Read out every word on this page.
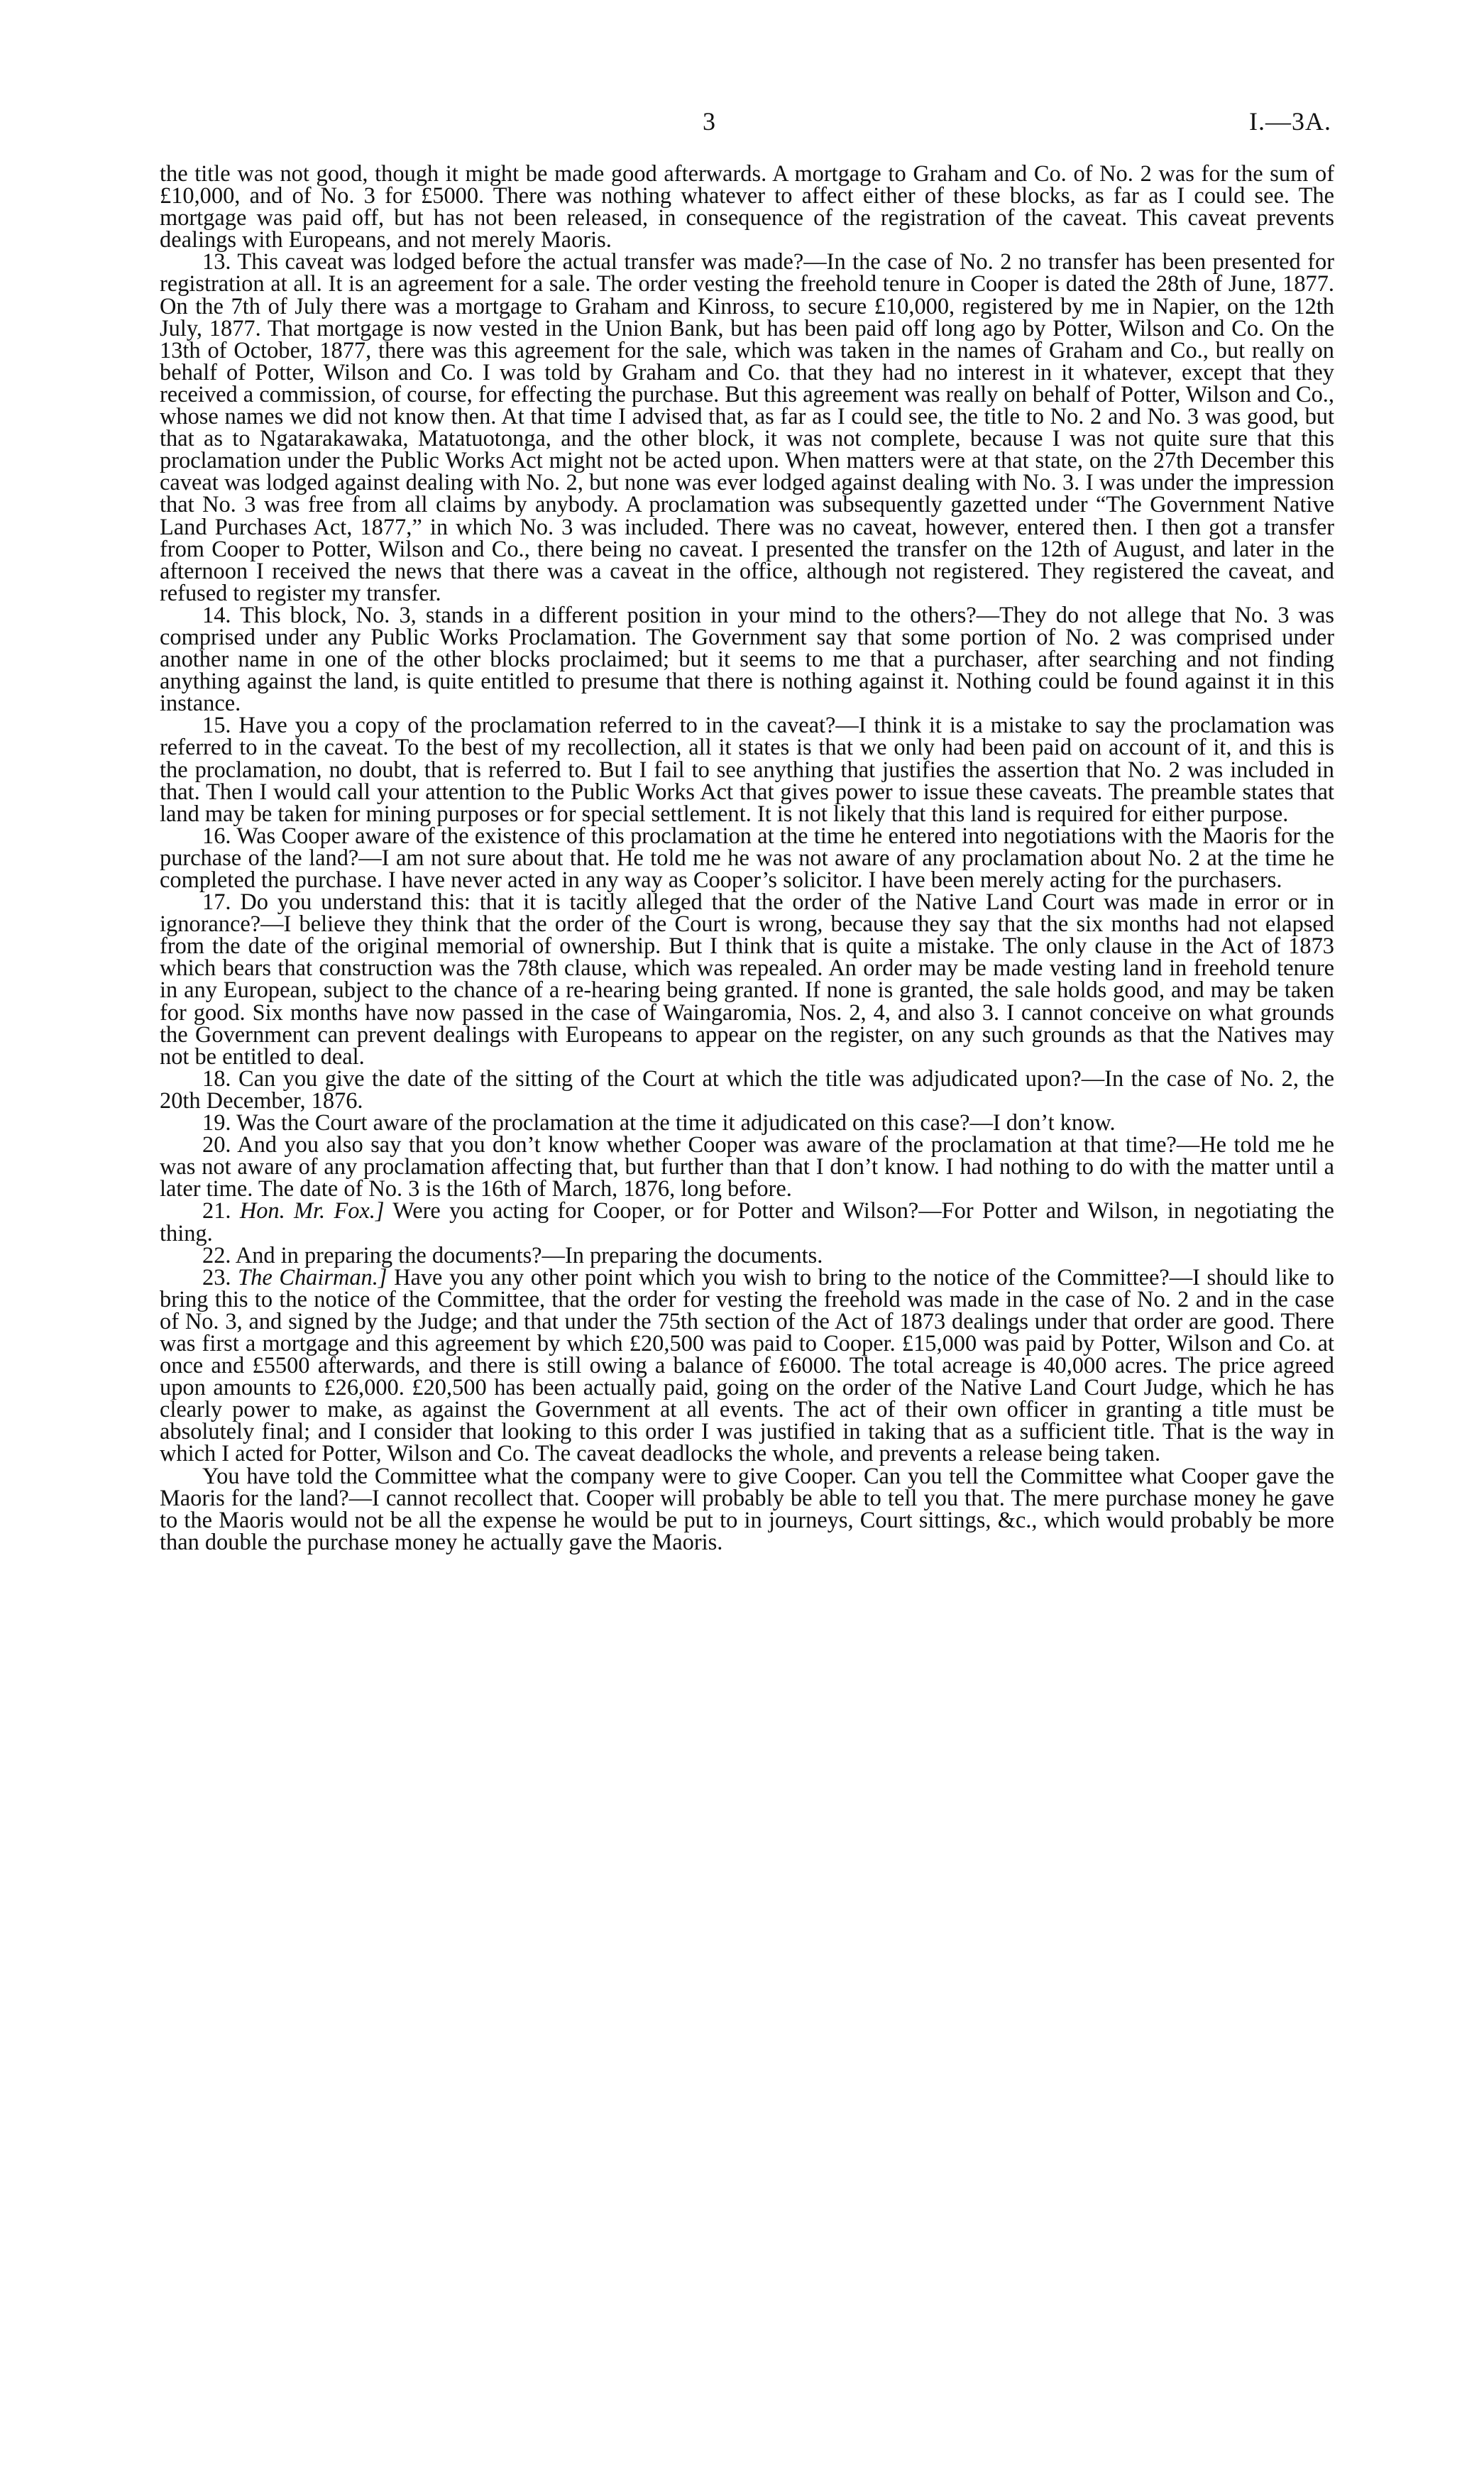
3	I.—3A.

the title was not good, though it might be made good afterwards. A mortgage to Graham and Co. of No. 2 was for the sum of £10,000, and of No. 3 for £5000. There was nothing whatever to affect either of these blocks, as far as I could see. The mortgage was paid off, but has not been released, in consequence of the registration of the caveat. This caveat prevents dealings with Europeans, and not merely Maoris.

13. This caveat was lodged before the actual transfer was made?—In the case of No. 2 no transfer has been presented for registration at all. It is an agreement for a sale. The order vesting the freehold tenure in Cooper is dated the 28th of June, 1877. On the 7th of July there was a mortgage to Graham and Kinross, to secure £10,000, registered by me in Napier, on the 12th July, 1877. That mortgage is now vested in the Union Bank, but has been paid off long ago by Potter, Wilson and Co. On the 13th of October, 1877, there was this agreement for the sale, which was taken in the names of Graham and Co., but really on behalf of Potter, Wilson and Co. I was told by Graham and Co. that they had no interest in it whatever, except that they received a commission, of course, for effecting the purchase. But this agreement was really on behalf of Potter, Wilson and Co., whose names we did not know then. At that time I advised that, as far as I could see, the title to No. 2 and No. 3 was good, but that as to Ngatarakawaka, Matatuotonga, and the other block, it was not complete, because I was not quite sure that this proclamation under the Public Works Act might not be acted upon. When matters were at that state, on the 27th December this caveat was lodged against dealing with No. 2, but none was ever lodged against dealing with No. 3. I was under the impression that No. 3 was free from all claims by anybody. A proclamation was subsequently gazetted under “The Government Native Land Purchases Act, 1877,” in which No. 3 was included. There was no caveat, however, entered then. I then got a transfer from Cooper to Potter, Wilson and Co., there being no caveat. I presented the transfer on the 12th of August, and later in the afternoon I received the news that there was a caveat in the office, although not registered. They registered the caveat, and refused to register my transfer.

14. This block, No. 3, stands in a different position in your mind to the others?—They do not allege that No. 3 was comprised under any Public Works Proclamation. The Government say that some portion of No. 2 was comprised under another name in one of the other blocks proclaimed; but it seems to me that a purchaser, after searching and not finding anything against the land, is quite entitled to presume that there is nothing against it. Nothing could be found against it in this instance.

15. Have you a copy of the proclamation referred to in the caveat?—I think it is a mistake to say the proclamation was referred to in the caveat. To the best of my recollection, all it states is that we only had been paid on account of it, and this is the proclamation, no doubt, that is referred to. But I fail to see anything that justifies the assertion that No. 2 was included in that. Then I would call your attention to the Public Works Act that gives power to issue these caveats. The preamble states that land may be taken for mining purposes or for special settlement. It is not likely that this land is required for either purpose.

16. Was Cooper aware of the existence of this proclamation at the time he entered into negotiations with the Maoris for the purchase of the land?—I am not sure about that. He told me he was not aware of any proclamation about No. 2 at the time he completed the purchase. I have never acted in any way as Cooper’s solicitor. I have been merely acting for the purchasers.

17. Do you understand this: that it is tacitly alleged that the order of the Native Land Court was made in error or in ignorance?—I believe they think that the order of the Court is wrong, because they say that the six months had not elapsed from the date of the original memorial of ownership. But I think that is quite a mistake. The only clause in the Act of 1873 which bears that construction was the 78th clause, which was repealed. An order may be made vesting land in freehold tenure in any European, subject to the chance of a re-hearing being granted. If none is granted, the sale holds good, and may be taken for good. Six months have now passed in the case of Waingaromia, Nos. 2, 4, and also 3. I cannot conceive on what grounds the Government can prevent dealings with Europeans to appear on the register, on any such grounds as that the Natives may not be entitled to deal.

18. Can you give the date of the sitting of the Court at which the title was adjudicated upon?—In the case of No. 2, the 20th December, 1876.

19. Was the Court aware of the proclamation at the time it adjudicated on this case?—I don’t know.

20. And you also say that you don’t know whether Cooper was aware of the proclamation at that time?—He told me he was not aware of any proclamation affecting that, but further than that I don’t know. I had nothing to do with the matter until a later time. The date of No. 3 is the 16th of March, 1876, long before.

21. Hon. Mr. Fox.] Were you acting for Cooper, or for Potter and Wilson?—For Potter and Wilson, in negotiating the thing.

22. And in preparing the documents?—In preparing the documents.

23. The Chairman.] Have you any other point which you wish to bring to the notice of the Committee?—I should like to bring this to the notice of the Committee, that the order for vesting the freehold was made in the case of No. 2 and in the case of No. 3, and signed by the Judge; and that under the 75th section of the Act of 1873 dealings under that order are good. There was first a mortgage and this agreement by which £20,500 was paid to Cooper. £15,000 was paid by Potter, Wilson and Co. at once and £5500 afterwards, and there is still owing a balance of £6000. The total acreage is 40,000 acres. The price agreed upon amounts to £26,000. £20,500 has been actually paid, going on the order of the Native Land Court Judge, which he has clearly power to make, as against the Government at all events. The act of their own officer in granting a title must be absolutely final; and I consider that looking to this order I was justified in taking that as a sufficient title. That is the way in which I acted for Potter, Wilson and Co. The caveat deadlocks the whole, and prevents a release being taken.

You have told the Committee what the company were to give Cooper. Can you tell the Committee what Cooper gave the Maoris for the land?—I cannot recollect that. Cooper will probably be able to tell you that. The mere purchase money he gave to the Maoris would not be all the expense he would be put to in journeys, Court sittings, &c., which would probably be more than double the purchase money he actually gave the Maoris.
